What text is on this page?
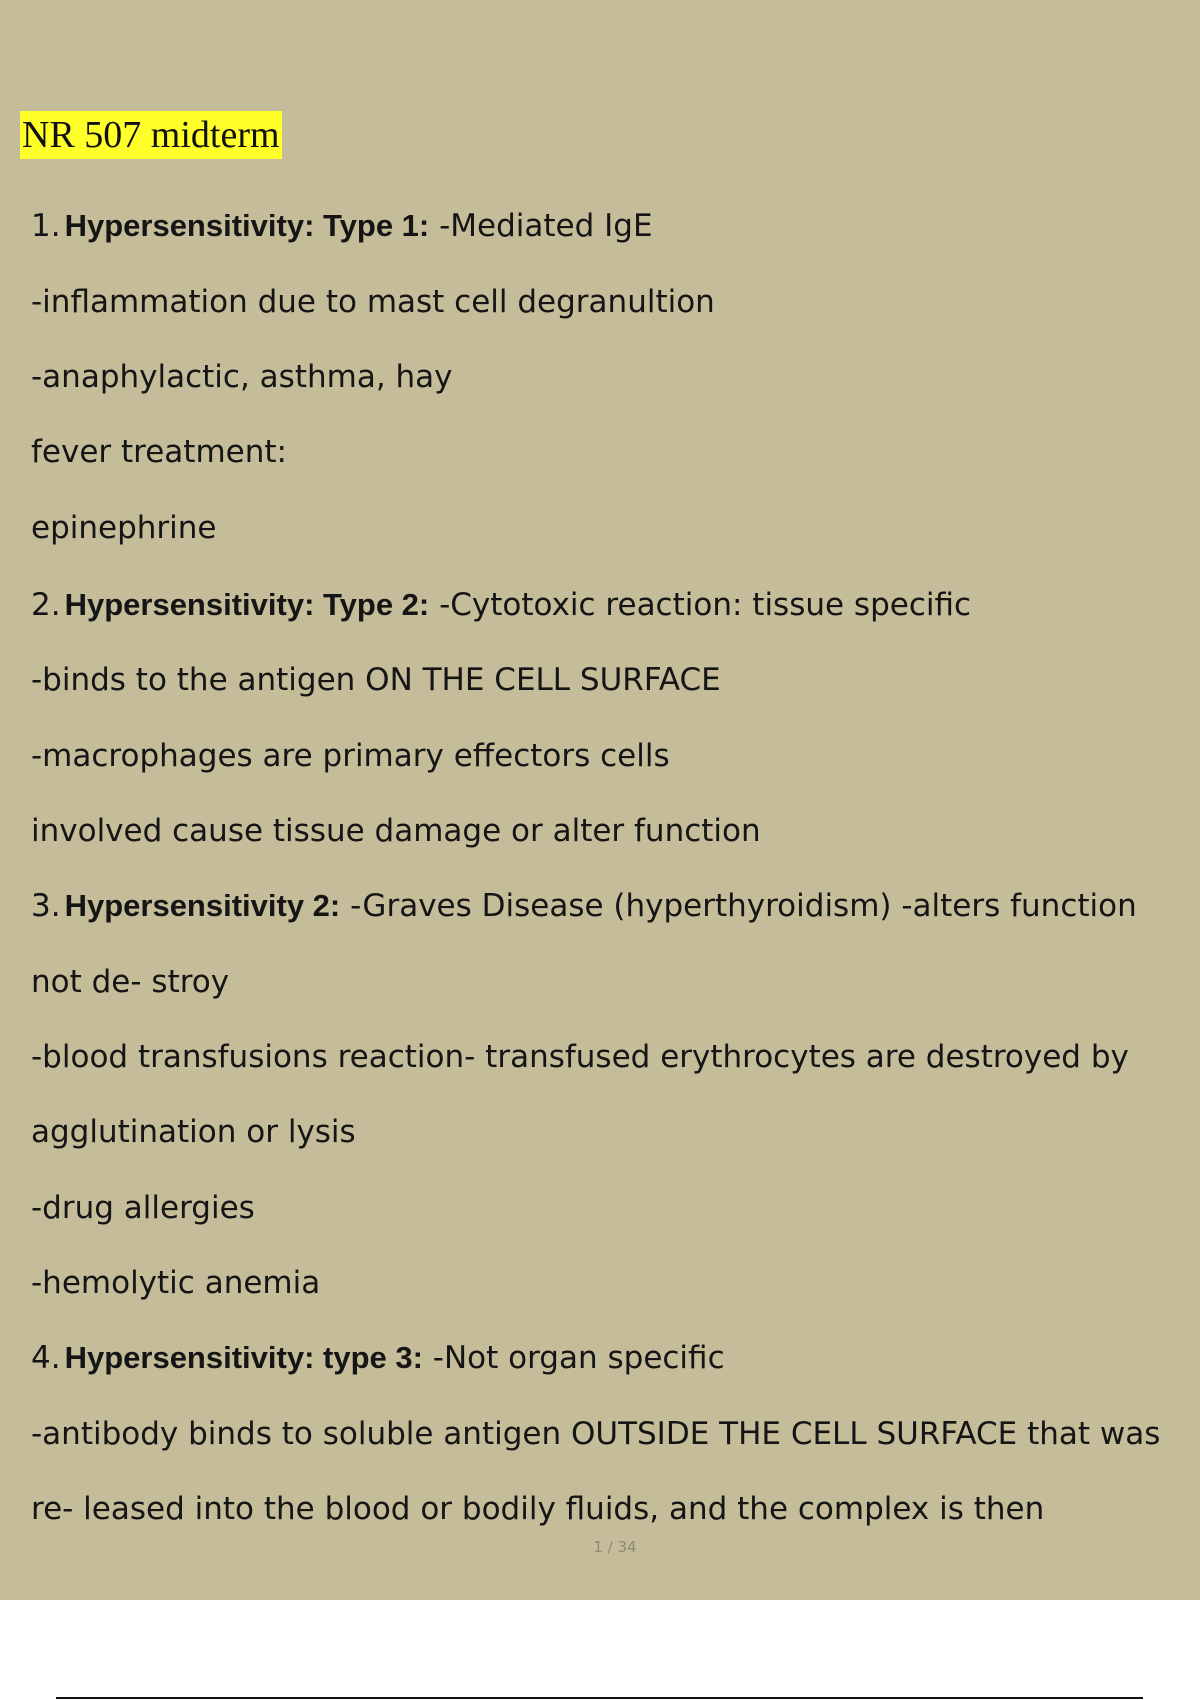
NR 507 midterm
1. Hypersensitivity: Type 1: -Mediated IgE
-inflammation due to mast cell degranultion
-anaphylactic, asthma, hay
fever treatment:
epinephrine
2. Hypersensitivity: Type 2: -Cytotoxic reaction: tissue specific
-binds to the antigen ON THE CELL SURFACE
-macrophages are primary effectors cells
involved cause tissue damage or alter function
3. Hypersensitivity 2: -Graves Disease (hyperthyroidism) -alters function
not de- stroy
-blood transfusions reaction- transfused erythrocytes are destroyed by
agglutination or lysis
-drug allergies
-hemolytic anemia
4. Hypersensitivity: type 3: -Not organ specific
-antibody binds to soluble antigen OUTSIDE THE CELL SURFACE that was
re- leased into the blood or bodily fluids, and the complex is then
1 / 34
